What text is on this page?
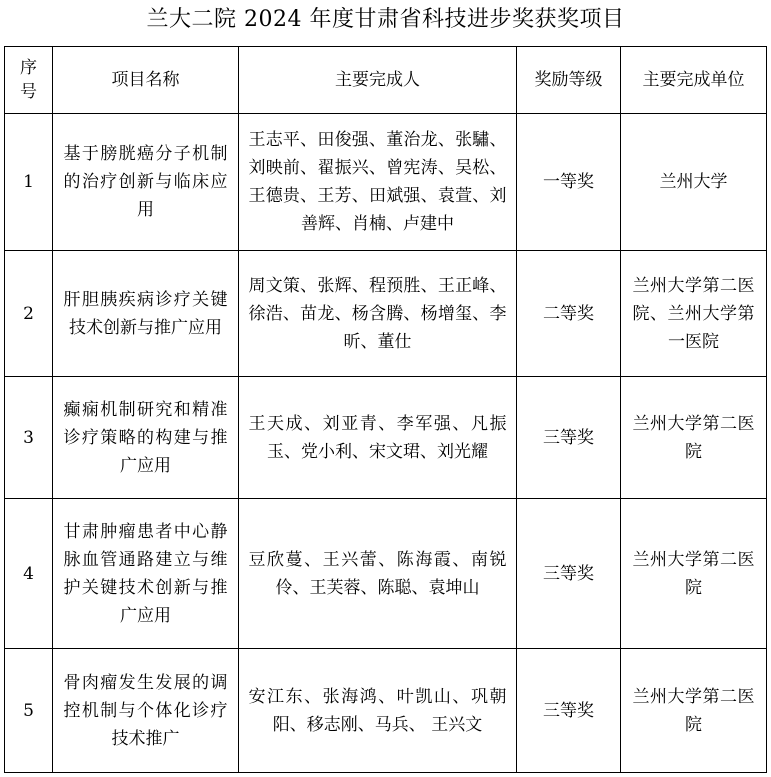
兰大二院 2024 年度甘肃省科技进步奖获奖项目
序号	项目名称	主要完成人	奖励等级	主要完成单位
1	基于膀胱癌分子机制的治疗创新与临床应用	王志平、田俊强、董治龙、张驌、刘映前、翟振兴、曾宪涛、吴松、王德贵、王芳、田斌强、袁萱、刘善辉、肖楠、卢建中	一等奖	兰州大学

2	肝胆胰疾病诊疗关键技术创新与推广应用	周文策、张辉、程预胜、王正峰、徐浩、苗龙、杨含腾、杨增玺、李昕、董仕	二等奖	兰州大学第二医院、兰州大学第一医院

3	癫痫机制研究和精准诊疗策略的构建与推广应用	王天成、刘亚青、李军强、凡振玉、党小利、宋文珺、刘光耀	三等奖	兰州大学第二医院

4	甘肃肿瘤患者中心静脉血管通路建立与维护关键技术创新与推广应用	豆欣蔓、王兴蕾、陈海霞、南锐伶、王芙蓉、陈聪、袁坤山	三等奖	兰州大学第二医院

5	骨肉瘤发生发展的调控机制与个体化诊疗技术推广	安江东、张海鸿、叶凯山、巩朝阳、移志刚、马兵、 王兴文	三等奖	兰州大学第二医院
